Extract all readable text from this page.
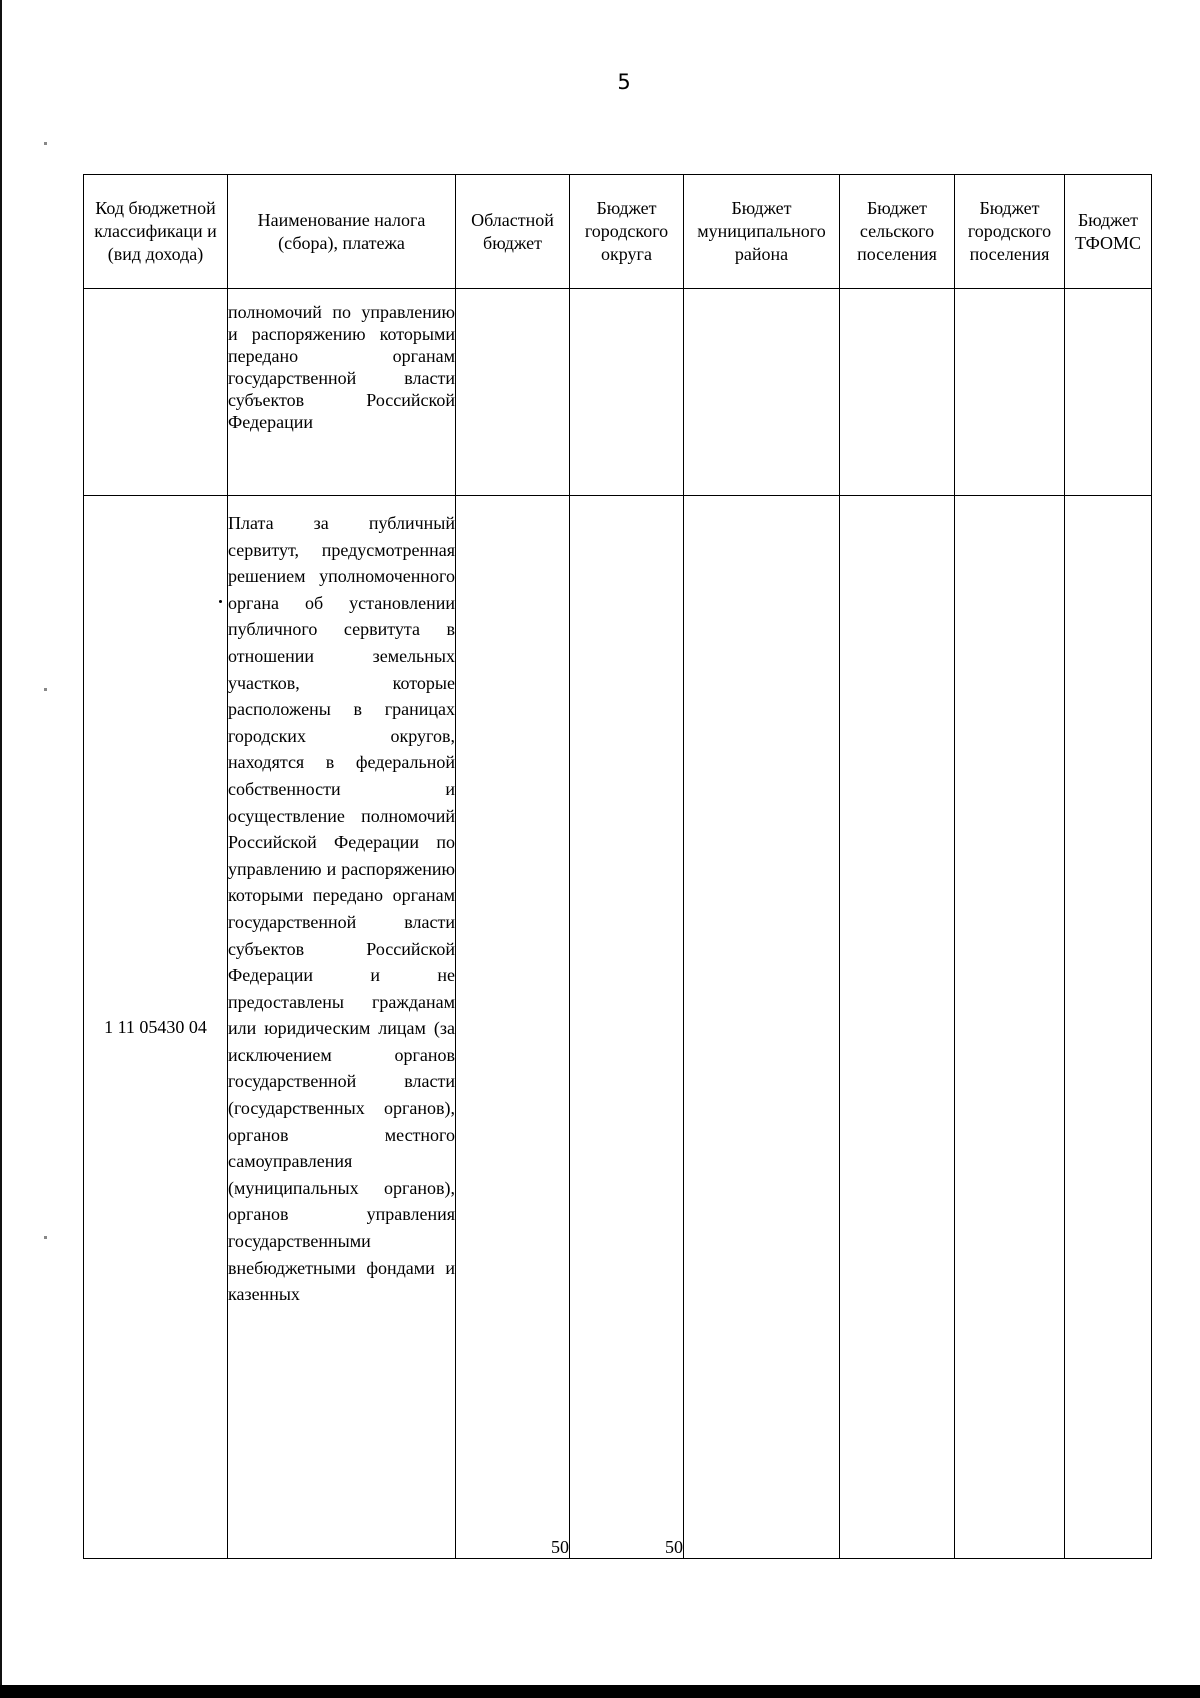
5
Код бюджетной классификаци и (вид дохода)	Наименование налога (сбора), платежа	Областной бюджет	Бюджет городского округа	Бюджет муниципального района	Бюджет сельского поселения	Бюджет городского поселения	Бюджет ТФОМС
	полномочий по управлению и распоряжению которыми передано органам государственной власти субъектов Российской Федерации						
1 11 05430 04	Плата за публичный сервитут, предусмотренная решением уполномоченного органа об установлении публичного сервитута в отношении земельных участков, которые расположены в границах городских округов, находятся в федеральной собственности и осуществление полномочий Российской Федерации по управлению и распоряжению которыми передано органам государственной власти субъектов Российской Федерации и не предоставлены гражданам или юридическим лицам (за исключением органов государственной власти (государственных органов), органов местного самоуправления (муниципальных органов), органов управления государственными внебюджетными фондами и казенных	50	50				
